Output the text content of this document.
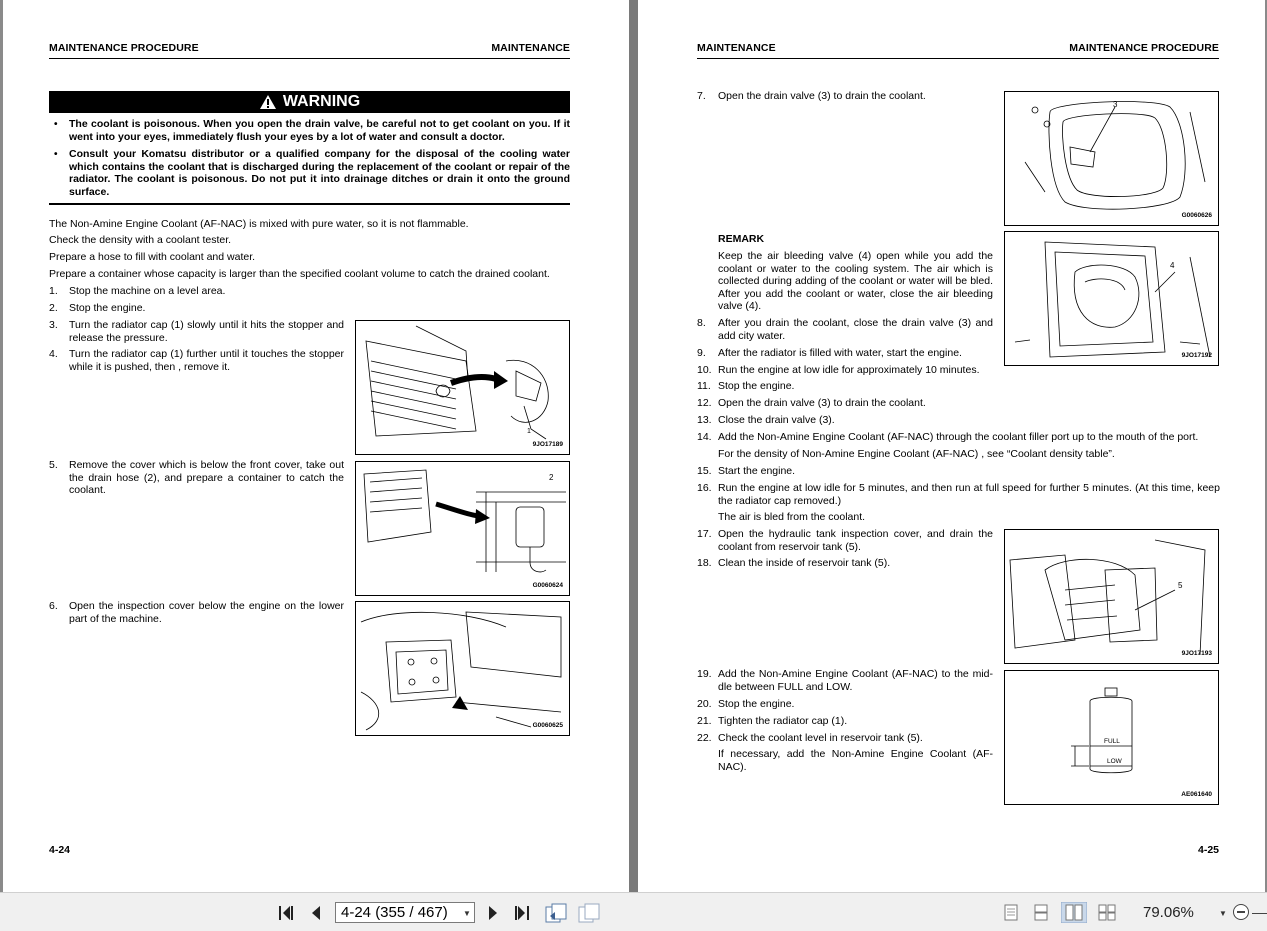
MAINTENANCE PROCEDURE	MAINTENANCE
WARNING
• The coolant is poisonous. When you open the drain valve, be careful not to get coolant on you. If it went into your eyes, immediately flush your eyes by a lot of water and consult a doctor.
• Consult your Komatsu distributor or a qualified company for the disposal of the cooling water which contains the coolant that is discharged during the replacement of the coolant or repair of the radiator. The coolant is poisonous. Do not put it into drainage ditches or drain it onto the ground surface.
The Non-Amine Engine Coolant (AF-NAC) is mixed with pure water, so it is not flammable.
Check the density with a coolant tester.
Prepare a hose to fill with coolant and water.
Prepare a container whose capacity is larger than the specified coolant volume to catch the drained coolant.
1. Stop the machine on a level area.
2. Stop the engine.
3. Turn the radiator cap (1) slowly until it hits the stopper and release the pressure.
4. Turn the radiator cap (1) further until it touches the stopper while it is pushed, then , remove it.
5. Remove the cover which is below the front cover, take out the drain hose (2), and prepare a container to catch the coolant.
6. Open the inspection cover below the engine on the lower part of the machine.
1
9JO17189
2
G0060624
G0060625
4-24
MAINTENANCE	MAINTENANCE PROCEDURE
7. Open the drain valve (3) to drain the coolant.
REMARK
Keep the air bleeding valve (4) open while you add the coolant or water to the cooling system. The air which is collected during adding of the coolant or water will be bled. After you add the coolant or water, close the air bleeding valve (4).
8. After you drain the coolant, close the drain valve (3) and add city water.
9. After the radiator is filled with water, start the engine.
10. Run the engine at low idle for approximately 10 minutes.
11. Stop the engine.
12. Open the drain valve (3) to drain the coolant.
13. Close the drain valve (3).
14. Add the Non-Amine Engine Coolant (AF-NAC) through the coolant filler port up to the mouth of the port.
For the density of Non-Amine Engine Coolant (AF-NAC) , see “Coolant density table”.
15. Start the engine.
16. Run the engine at low idle for 5 minutes, and then run at full speed for further 5 minutes. (At this time, keep the radiator cap removed.)
The air is bled from the coolant.
17. Open the hydraulic tank inspection cover, and drain the coolant from reservoir tank (5).
18. Clean the inside of reservoir tank (5).
19. Add the Non-Amine Engine Coolant (AF-NAC) to the mid-dle between FULL and LOW.
20. Stop the engine.
21. Tighten the radiator cap (1).
22. Check the coolant level in reservoir tank (5).
If necessary, add the Non-Amine Engine Coolant (AF-NAC).
3
G0060626
4
9JO17192
5
9JO17193
FULL
LOW
AE061640
4-25
4-24 (355 / 467)	▼	79.06%	▼
